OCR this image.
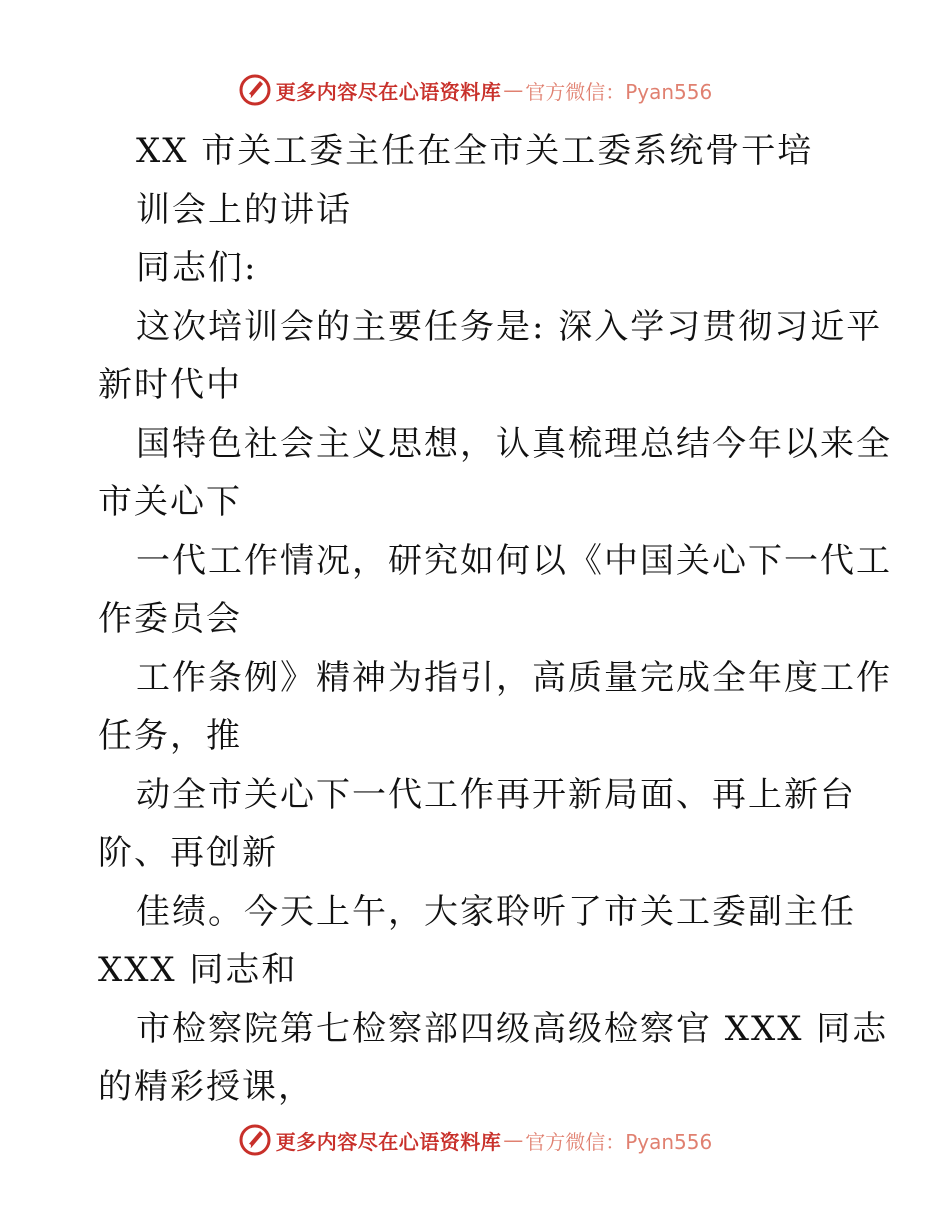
更多内容尽在心语资料库 — 官方微信：Pyan556
XX 市关工委主任在全市关工委系统骨干培
训会上的讲话
同志们:
这次培训会的主要任务是: 深入学习贯彻习近平
新时代中
国特色社会主义思想，认真梳理总结今年以来全
市关心下
一代工作情况，研究如何以《中国关心下一代工
作委员会
工作条例》精神为指引，高质量完成全年度工作
任务，推
动全市关心下一代工作再开新局面、再上新台
阶、再创新
佳绩。今天上午，大家聆听了市关工委副主任
XXX 同志和
市检察院第七检察部四级高级检察官 XXX 同志
的精彩授课，
更多内容尽在心语资料库 — 官方微信：Pyan556
